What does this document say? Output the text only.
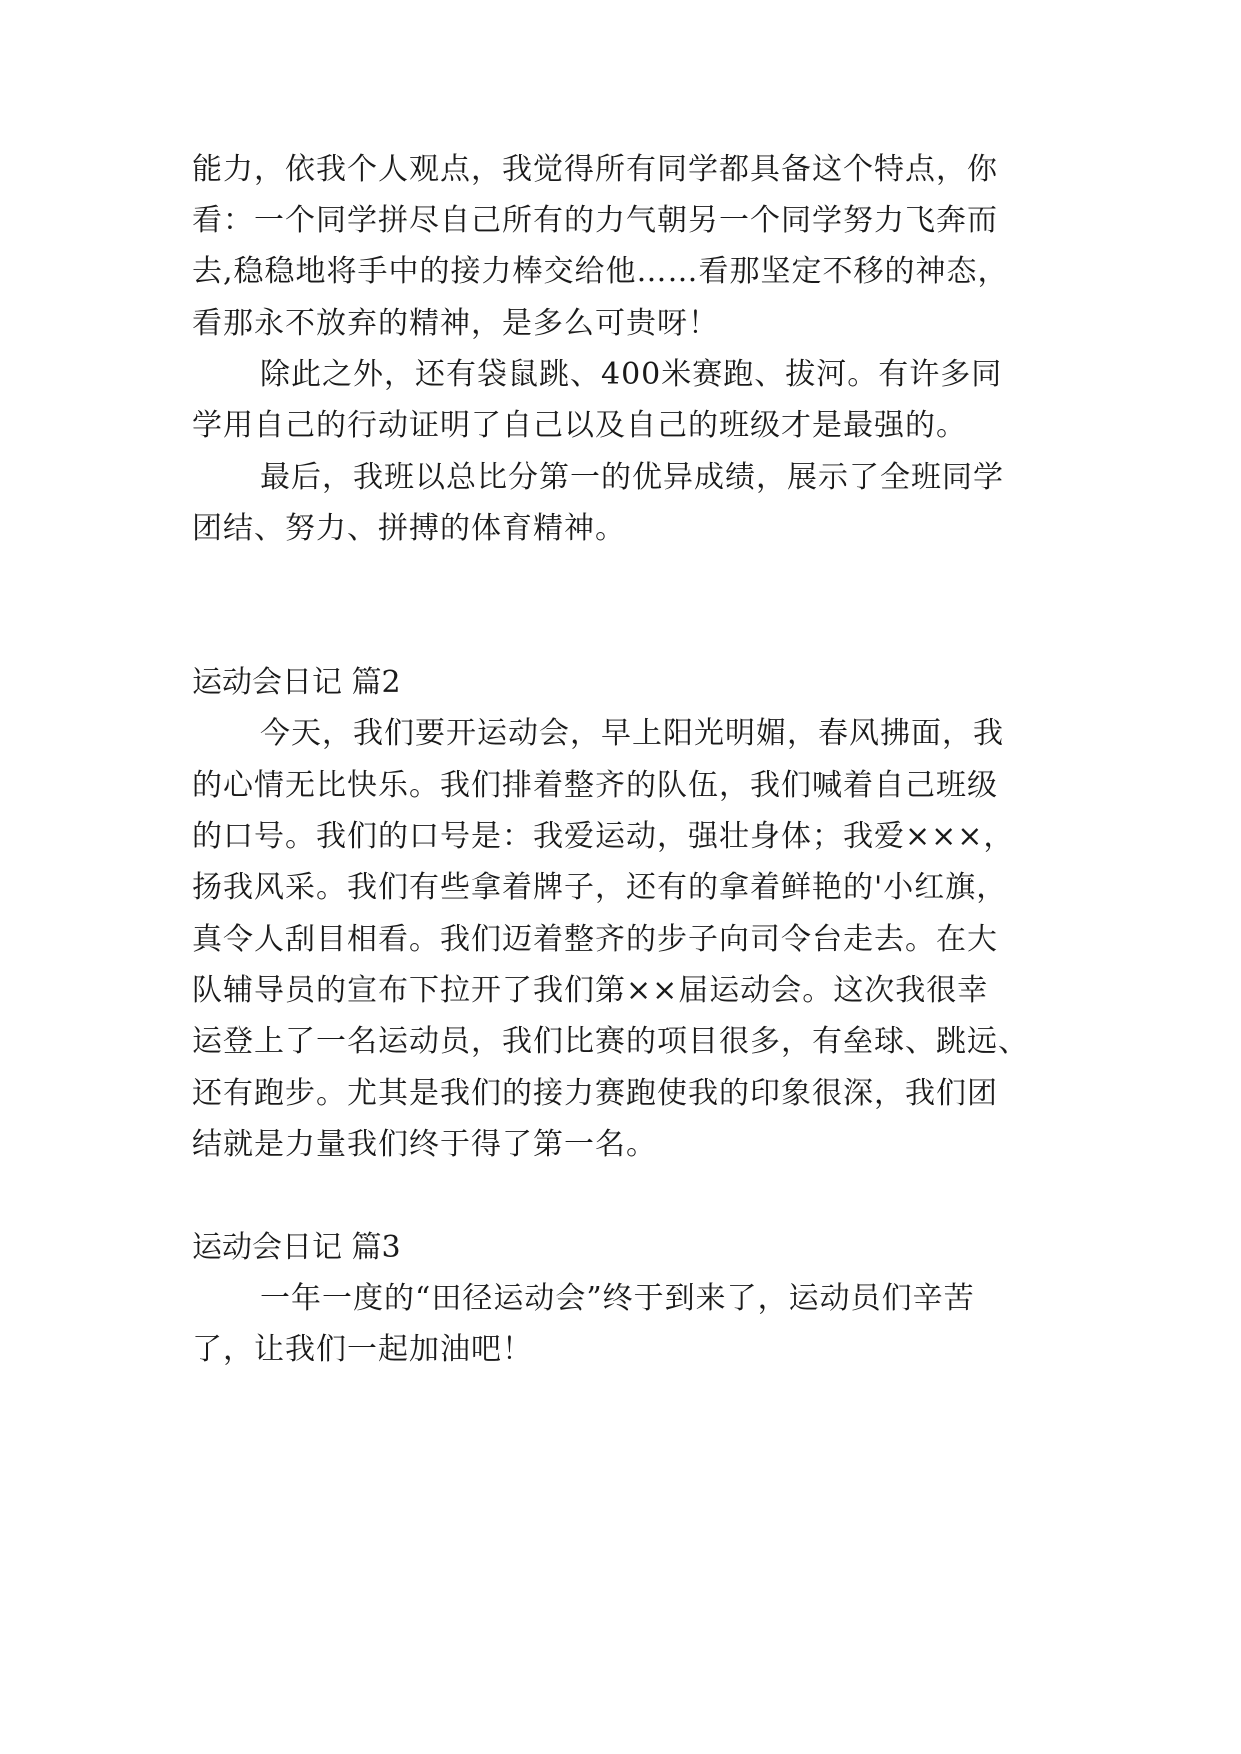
能力，依我个人观点，我觉得所有同学都具备这个特点，你
看：一个同学拼尽自己所有的力气朝另一个同学努力飞奔而
去,稳稳地将手中的接力棒交给他……看那坚定不移的神态，
看那永不放弃的精神，是多么可贵呀！
除此之外，还有袋鼠跳、400米赛跑、拔河。有许多同
学用自己的行动证明了自己以及自己的班级才是最强的。
最后，我班以总比分第一的优异成绩，展示了全班同学
团结、努力、拼搏的体育精神。
运动会日记 篇2
今天，我们要开运动会，早上阳光明媚，春风拂面，我
的心情无比快乐。我们排着整齐的队伍，我们喊着自己班级
的口号。我们的口号是：我爱运动，强壮身体；我爱×××，
扬我风采。我们有些拿着牌子，还有的拿着鲜艳的'小红旗，
真令人刮目相看。我们迈着整齐的步子向司令台走去。在大
队辅导员的宣布下拉开了我们第××届运动会。这次我很幸
运登上了一名运动员，我们比赛的项目很多，有垒球、跳远、
还有跑步。尤其是我们的接力赛跑使我的印象很深，我们团
结就是力量我们终于得了第一名。
运动会日记 篇3
一年一度的“田径运动会”终于到来了，运动员们辛苦
了，让我们一起加油吧！
